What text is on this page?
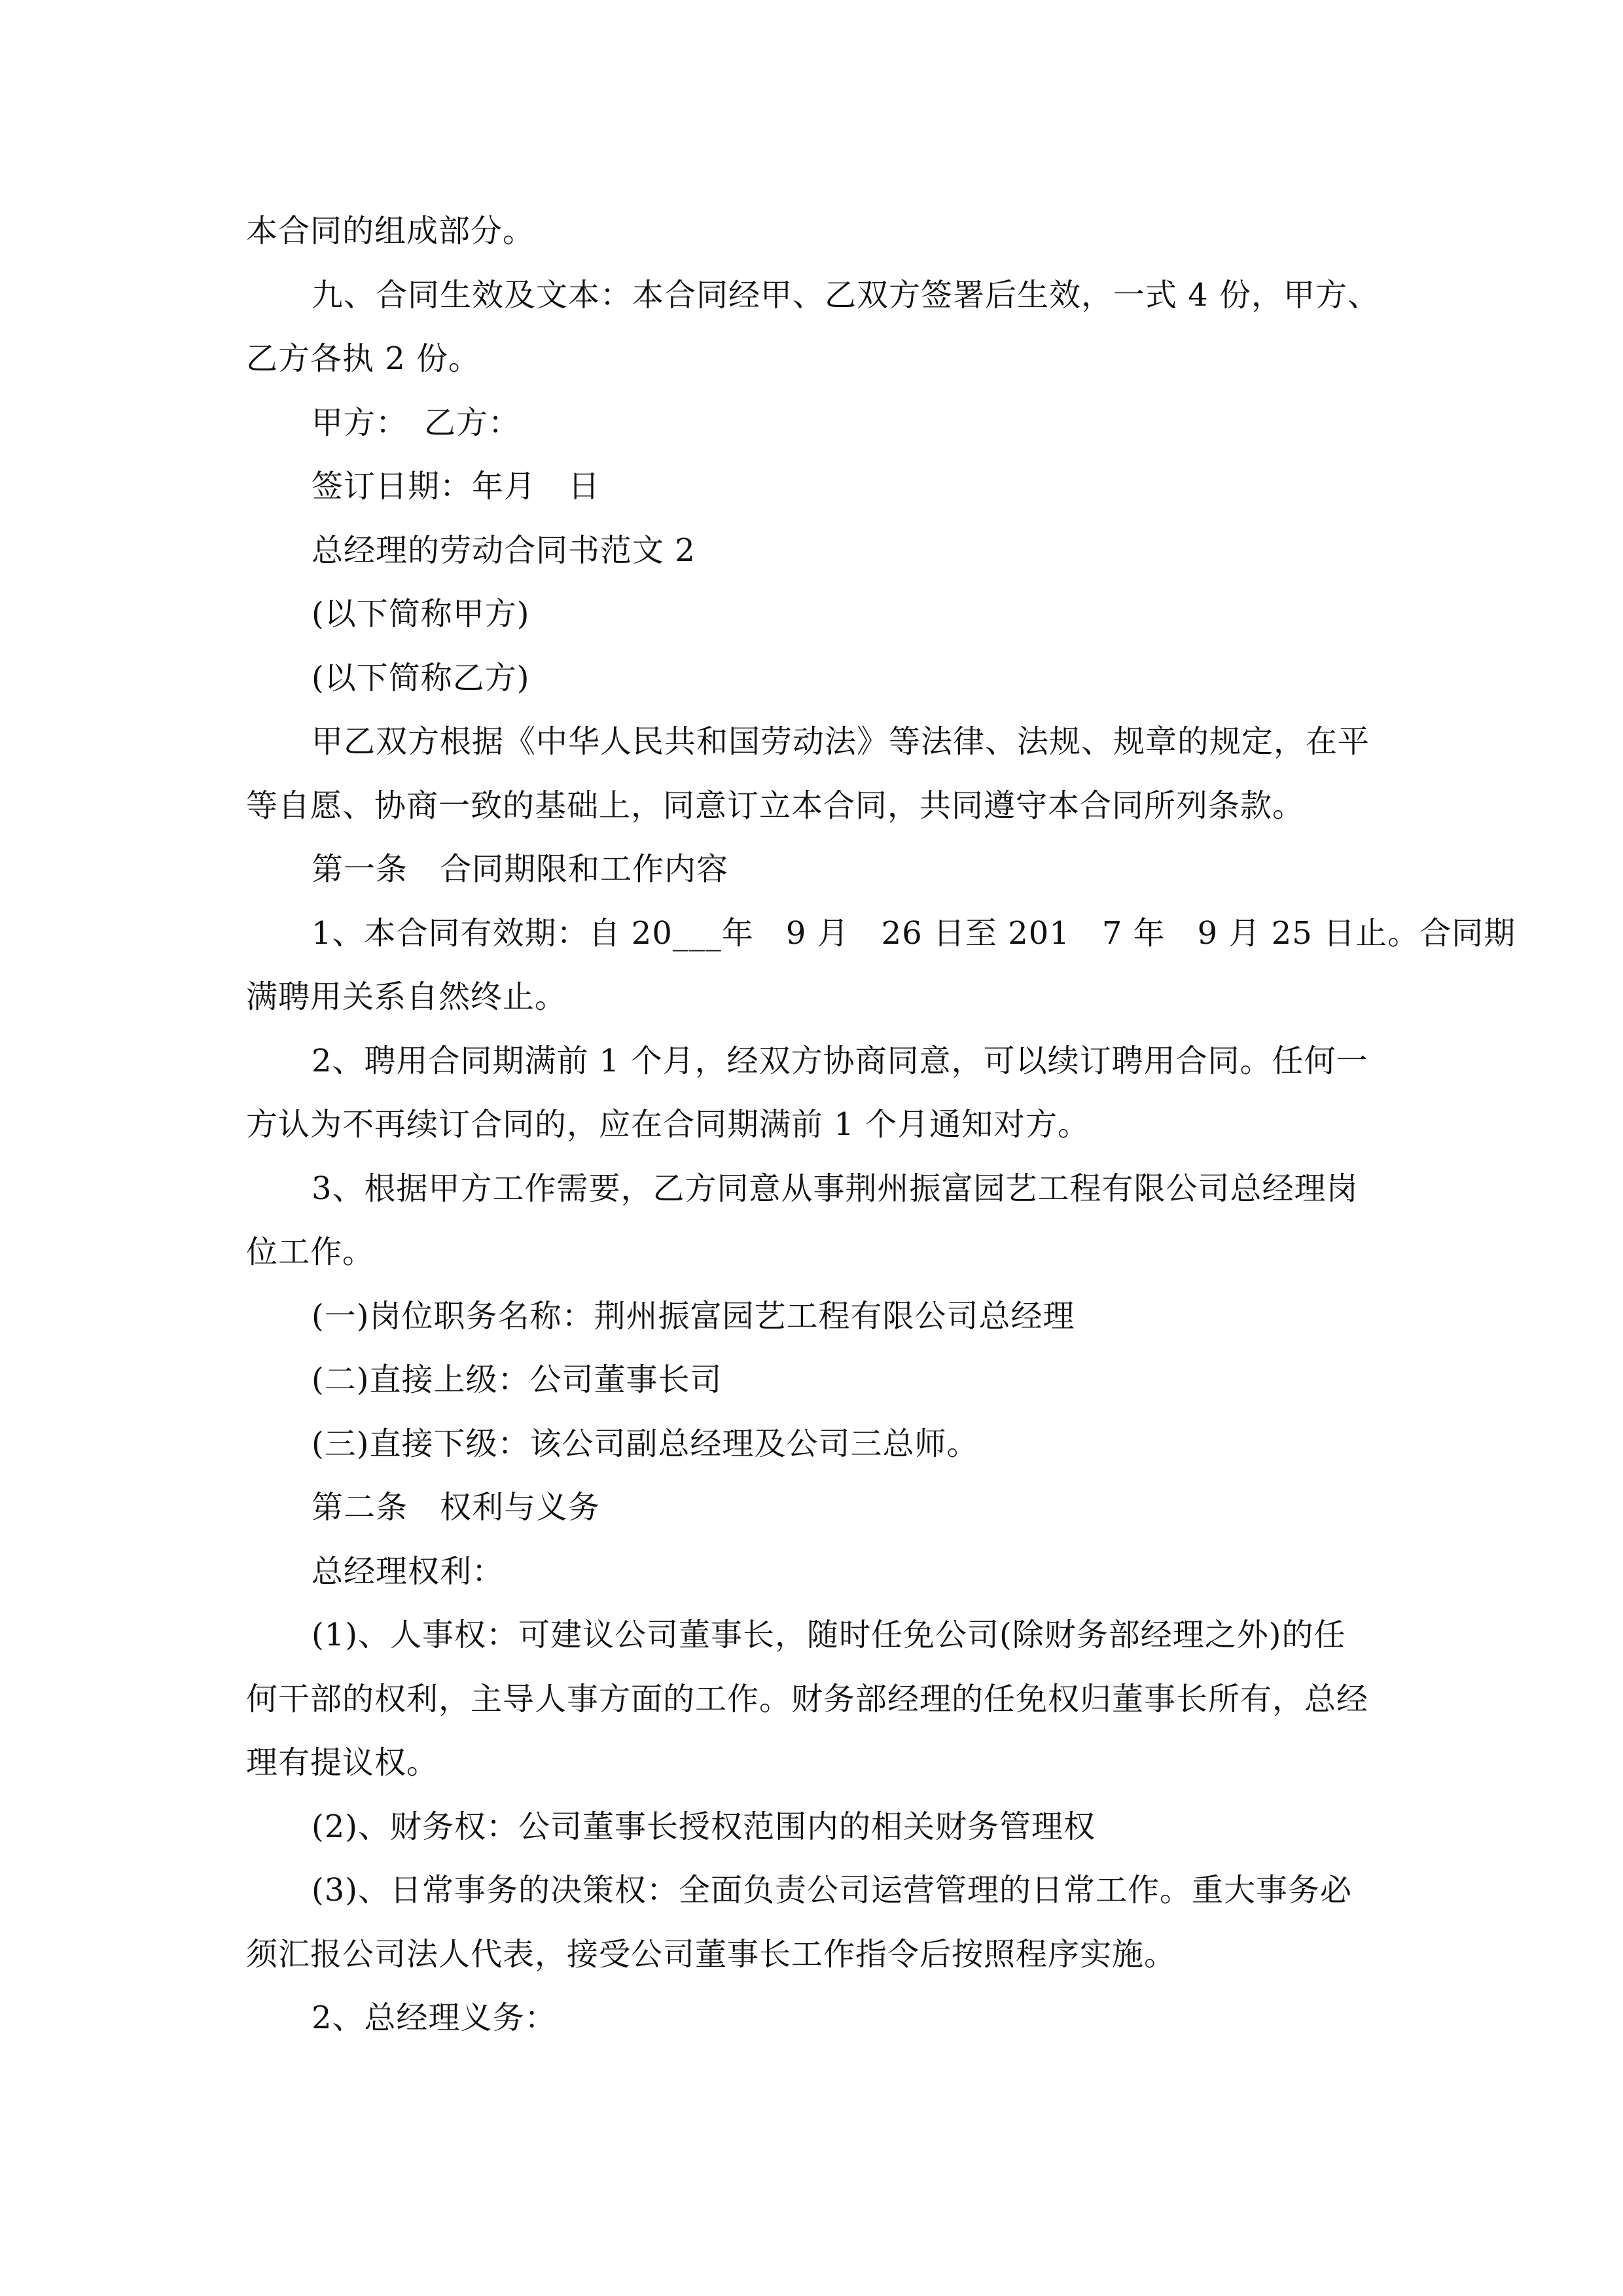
本合同的组成部分。
九、合同生效及文本：本合同经甲、乙双方签署后生效，一式 4 份，甲方、
乙方各执 2 份。
甲方：　乙方：
签订日期：年月　日
总经理的劳动合同书范文 2
(以下简称甲方)
(以下简称乙方)
甲乙双方根据《中华人民共和国劳动法》等法律、法规、规章的规定，在平
等自愿、协商一致的基础上，同意订立本合同，共同遵守本合同所列条款。
第一条　合同期限和工作内容
1、本合同有效期：自 20___年　9 月　26 日至 201　7 年　9 月 25 日止。合同期
满聘用关系自然终止。
2、聘用合同期满前 1 个月，经双方协商同意，可以续订聘用合同。任何一
方认为不再续订合同的，应在合同期满前 1 个月通知对方。
3、根据甲方工作需要，乙方同意从事荆州振富园艺工程有限公司总经理岗
位工作。
(一)岗位职务名称：荆州振富园艺工程有限公司总经理
(二)直接上级：公司董事长司
(三)直接下级：该公司副总经理及公司三总师。
第二条　权利与义务
总经理权利：
(1)、人事权：可建议公司董事长，随时任免公司(除财务部经理之外)的任
何干部的权利，主导人事方面的工作。财务部经理的任免权归董事长所有，总经
理有提议权。
(2)、财务权：公司董事长授权范围内的相关财务管理权
(3)、日常事务的决策权：全面负责公司运营管理的日常工作。重大事务必
须汇报公司法人代表，接受公司董事长工作指令后按照程序实施。
2、总经理义务：
